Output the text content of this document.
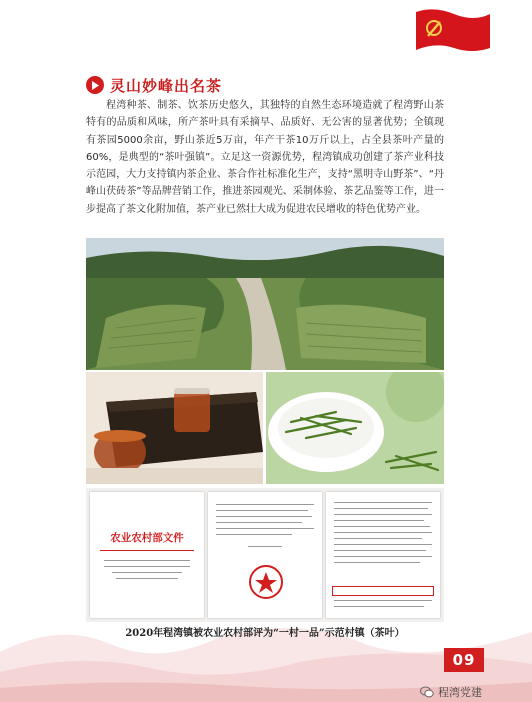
灵山妙峰出名茶

程湾种茶、制茶、饮茶历史悠久，其独特的自然生态环境造就了程湾野山茶特有的品质和风味，所产茶叶具有采摘早、品质好、无公害的显著优势；全镇现有茶园5000余亩，野山茶近5万亩，年产干茶10万斤以上，占全县茶叶产量的60%，是典型的“茶叶强镇”。立足这一资源优势，程湾镇成功创建了茶产业科技示范园，大力支持镇内茶企业、茶合作社标准化生产，支持“黑明寺山野茶”、“丹峰山茯砖茶”等品牌营销工作，推进茶园观光、采制体验、茶艺品鉴等工作，进一步提高了茶文化附加值，茶产业已然壮大成为促进农民增收的特色优势产业。

农业农村部文件
2020年程湾镇被农业农村部评为“一村一品”示范村镇（茶叶）
09
程湾党建
